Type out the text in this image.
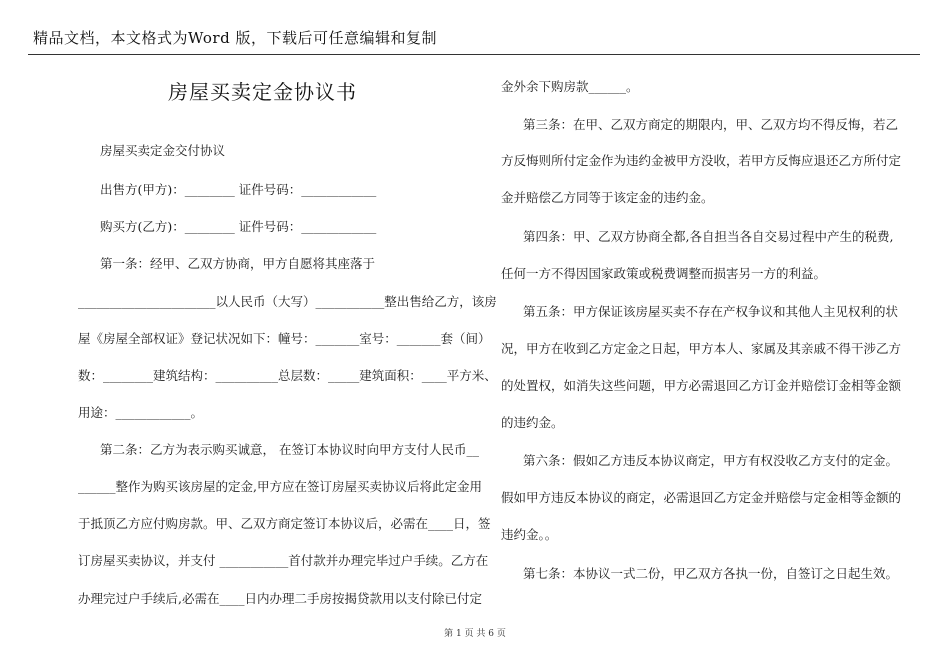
精品文档，本文格式为Word 版，下载后可任意编辑和复制
房屋买卖定金协议书
房屋买卖定金交付协议
出售方(甲方)：________ 证件号码：____________
购买方(乙方)：________ 证件号码：____________
第一条：经甲、乙双方协商，甲方自愿将其座落于
______________________以人民币（大写）___________整出售给乙方，该房
屋《房屋全部权证》登记状况如下：幢号：_______室号：_______套（间）
数：________建筑结构：__________总层数：_____建筑面积：____平方米、
用途：____________。
第二条：乙方为表示购买诚意， 在签订本协议时向甲方支付人民币__
______整作为购买该房屋的定金,甲方应在签订房屋买卖协议后将此定金用
于抵顶乙方应付购房款。甲、乙双方商定签订本协议后，必需在____日，签
订房屋买卖协议，并支付 ___________首付款并办理完毕过户手续。乙方在
办理完过户手续后,必需在____日内办理二手房按揭贷款用以支付除已付定
金外余下购房款______。
第三条：在甲、乙双方商定的期限内，甲、乙双方均不得反悔，若乙
方反悔则所付定金作为违约金被甲方没收，若甲方反悔应退还乙方所付定
金并赔偿乙方同等于该定金的违约金。
第四条：甲、乙双方协商全都,各自担当各自交易过程中产生的税费,
任何一方不得因国家政策或税费调整而损害另一方的利益。
第五条：甲方保证该房屋买卖不存在产权争议和其他人主见权利的状
况，甲方在收到乙方定金之日起，甲方本人、家属及其亲戚不得干涉乙方
的处置权，如消失这些问题，甲方必需退回乙方订金并赔偿订金相等金额
的违约金。
第六条：假如乙方违反本协议商定，甲方有权没收乙方支付的定金。
假如甲方违反本协议的商定，必需退回乙方定金并赔偿与定金相等金额的
违约金。。
第七条：本协议一式二份，甲乙双方各执一份，自签订之日起生效。
第 1 页 共 6 页
